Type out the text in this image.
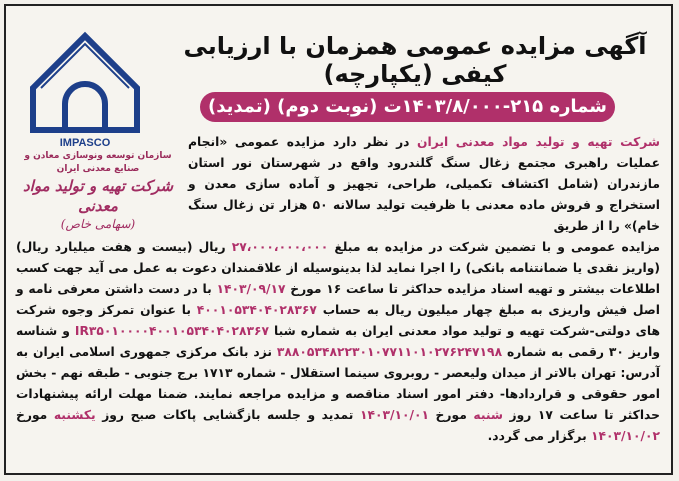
آگهی مزایده عمومی همزمان با ارزیابی کیفی (یکپارچه)
شماره ۲۱۵-۱۴۰۳/۸/۰۰۰ت (نوبت دوم) (تمدید)
IMPASCO
سازمان توسعه ونوسازی معادن و صنایع معدنی ایران
شرکت تهیه و تولید مواد معدنی
(سهامی خاص)
شرکت تهیه و تولید مواد معدنی ایران در نظر دارد مزایده عمومی «انجام عملیات راهبری مجتمع زغال سنگ گلندرود واقع در شهرستان نور استان مازندران (شامل اکتشاف تکمیلی، طراحی، تجهیز و آماده سازی معدن و استخراج و فروش ماده معدنی با ظرفیت تولید سالانه ۵۰ هزار تن زغال سنگ خام)» را از طریق
مزایده عمومی و با تضمین شرکت در مزایده به مبلغ ۲۷،۰۰۰،۰۰۰،۰۰۰ ریال (بیست و هفت میلیارد ریال) (واریز نقدی یا ضمانتنامه بانکی) را اجرا نماید لذا بدینوسیله از علاقمندان دعوت به عمل می آید جهت کسب اطلاعات بیشتر و تهیه اسناد مزایده حداکثر تا ساعت ۱۶ مورخ ۱۴۰۳/۰۹/۱۷ با در دست داشتن معرفی نامه و اصل فیش واریزی به مبلغ چهار میلیون ریال به حساب ۴۰۰۱۰۵۳۴۰۴۰۲۸۳۶۷ با عنوان تمرکز وجوه شرکت های دولتی-شرکت تهیه و تولید مواد معدنی ایران به شماره شبا IR۳۵۰۱۰۰۰۰۴۰۰۱۰۵۳۴۰۴۰۲۸۳۶۷ و شناسه واریز ۳۰ رقمی به شماره ۳۸۸۰۵۳۴۸۲۲۳۰۱۰۷۷۱۱۰۱۰۲۷۶۲۴۷۱۹۸ نزد بانک مرکزی جمهوری اسلامی ایران به آدرس: تهران بالاتر از میدان ولیعصر - روبروی سینما استقلال - شماره ۱۷۱۳ برج جنوبی - طبقه نهم - بخش امور حقوقی و قراردادها- دفتر امور اسناد مناقصه و مزایده مراجعه نمایند. ضمنا مهلت ارائه پیشنهادات حداکثر تا ساعت ۱۷ روز شنبه مورخ ۱۴۰۳/۱۰/۰۱ تمدید و جلسه بازگشایی پاکات صبح روز یکشنبه مورخ ۱۴۰۳/۱۰/۰۲ برگزار می گردد.
